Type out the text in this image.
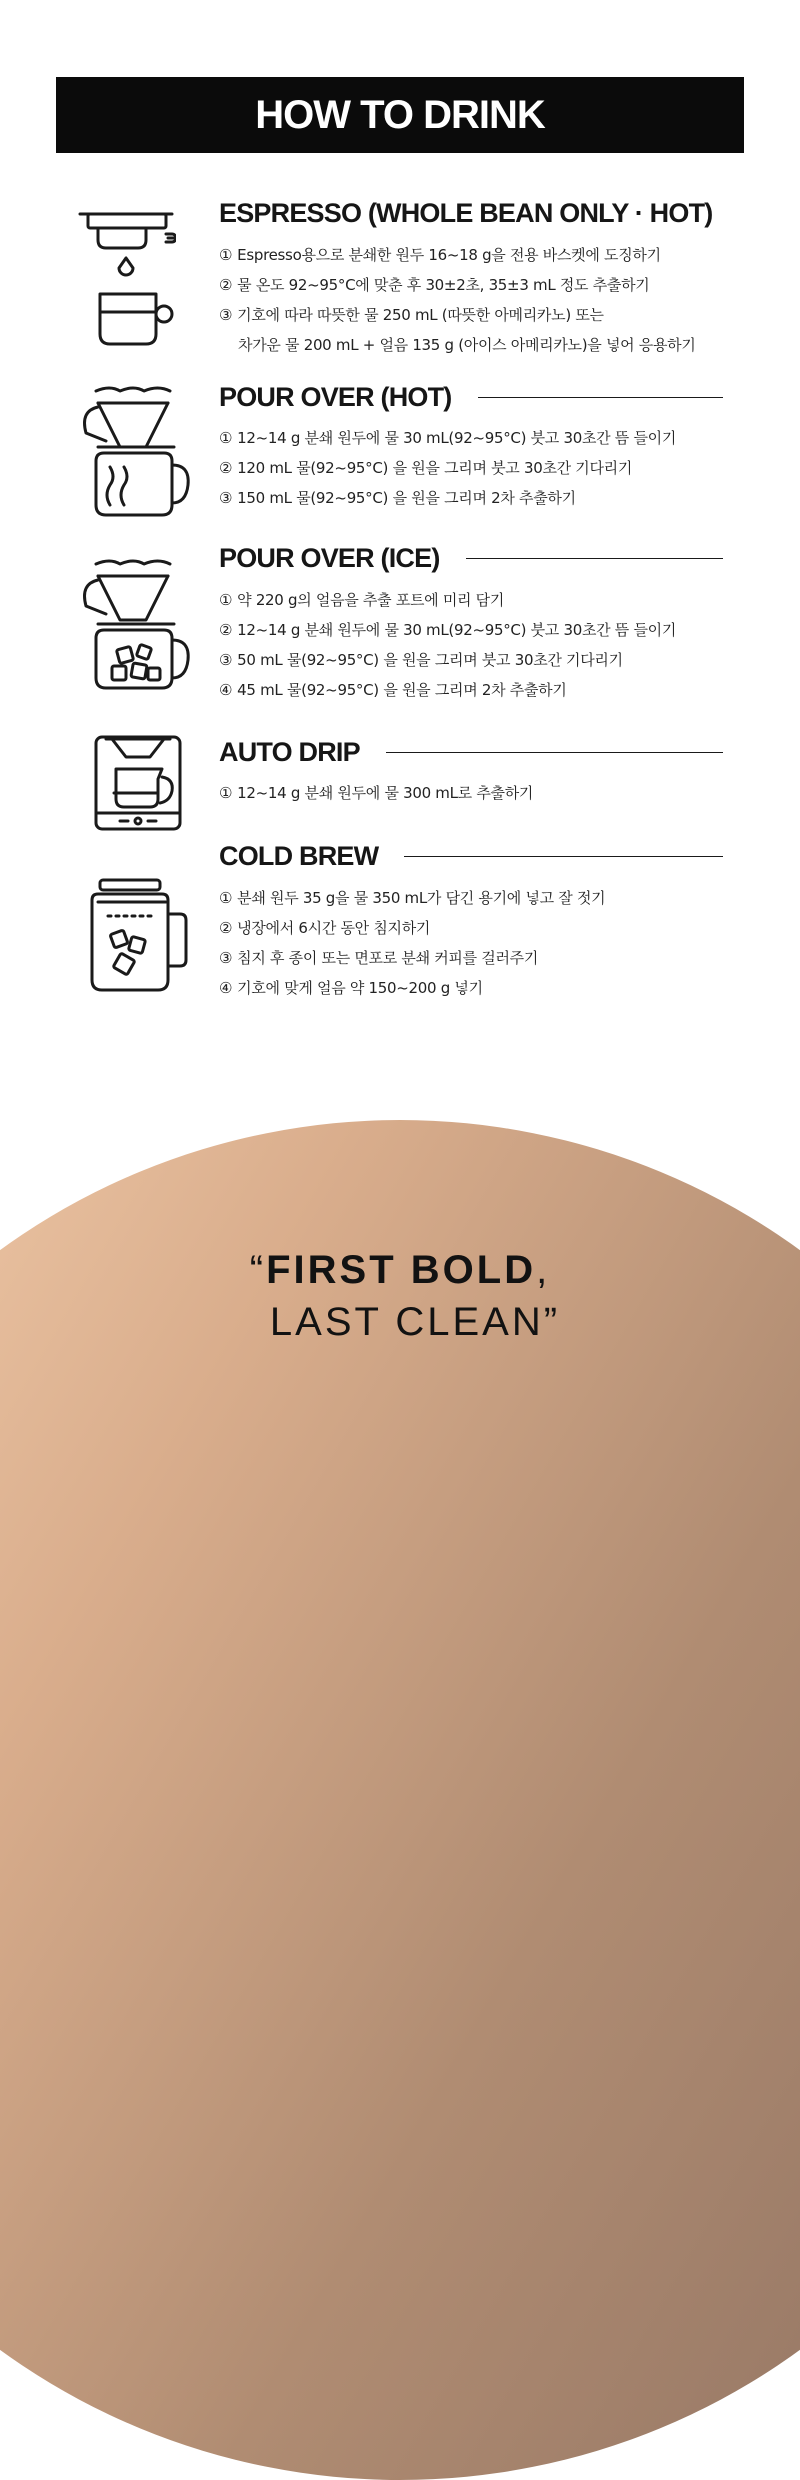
HOW TO DRINK
ESPRESSO (WHOLE BEAN ONLY · HOT)
① Espresso용으로 분쇄한 원두 16~18 g을 전용 바스켓에 도징하기
② 물 온도 92~95°C에 맞춘 후 30±2초, 35±3 mL 정도 추출하기
③ 기호에 따라 따뜻한 물 250 mL (따뜻한 아메리카노) 또는
차가운 물 200 mL + 얼음 135 g (아이스 아메리카노)을 넣어 응용하기
POUR OVER (HOT)
① 12~14 g 분쇄 원두에 물 30 mL(92~95°C) 붓고 30초간 뜸 들이기
② 120 mL 물(92~95°C) 을 원을 그리며 붓고 30초간 기다리기
③ 150 mL 물(92~95°C) 을 원을 그리며 2차 추출하기
POUR OVER (ICE)
① 약 220 g의 얼음을 추출 포트에 미리 담기
② 12~14 g 분쇄 원두에 물 30 mL(92~95°C) 붓고 30초간 뜸 들이기
③ 50 mL 물(92~95°C) 을 원을 그리며 붓고 30초간 기다리기
④ 45 mL 물(92~95°C) 을 원을 그리며 2차 추출하기
AUTO DRIP
① 12~14 g 분쇄 원두에 물 300 mL로 추출하기
COLD BREW
① 분쇄 원두 35 g을 물 350 mL가 담긴 용기에 넣고 잘 젓기
② 냉장에서 6시간 동안 침지하기
③ 침지 후 종이 또는 면포로 분쇄 커피를 걸러주기
④ 기호에 맞게 얼음 약 150~200 g 넣기
“FIRST BOLD,
LAST CLEAN”
